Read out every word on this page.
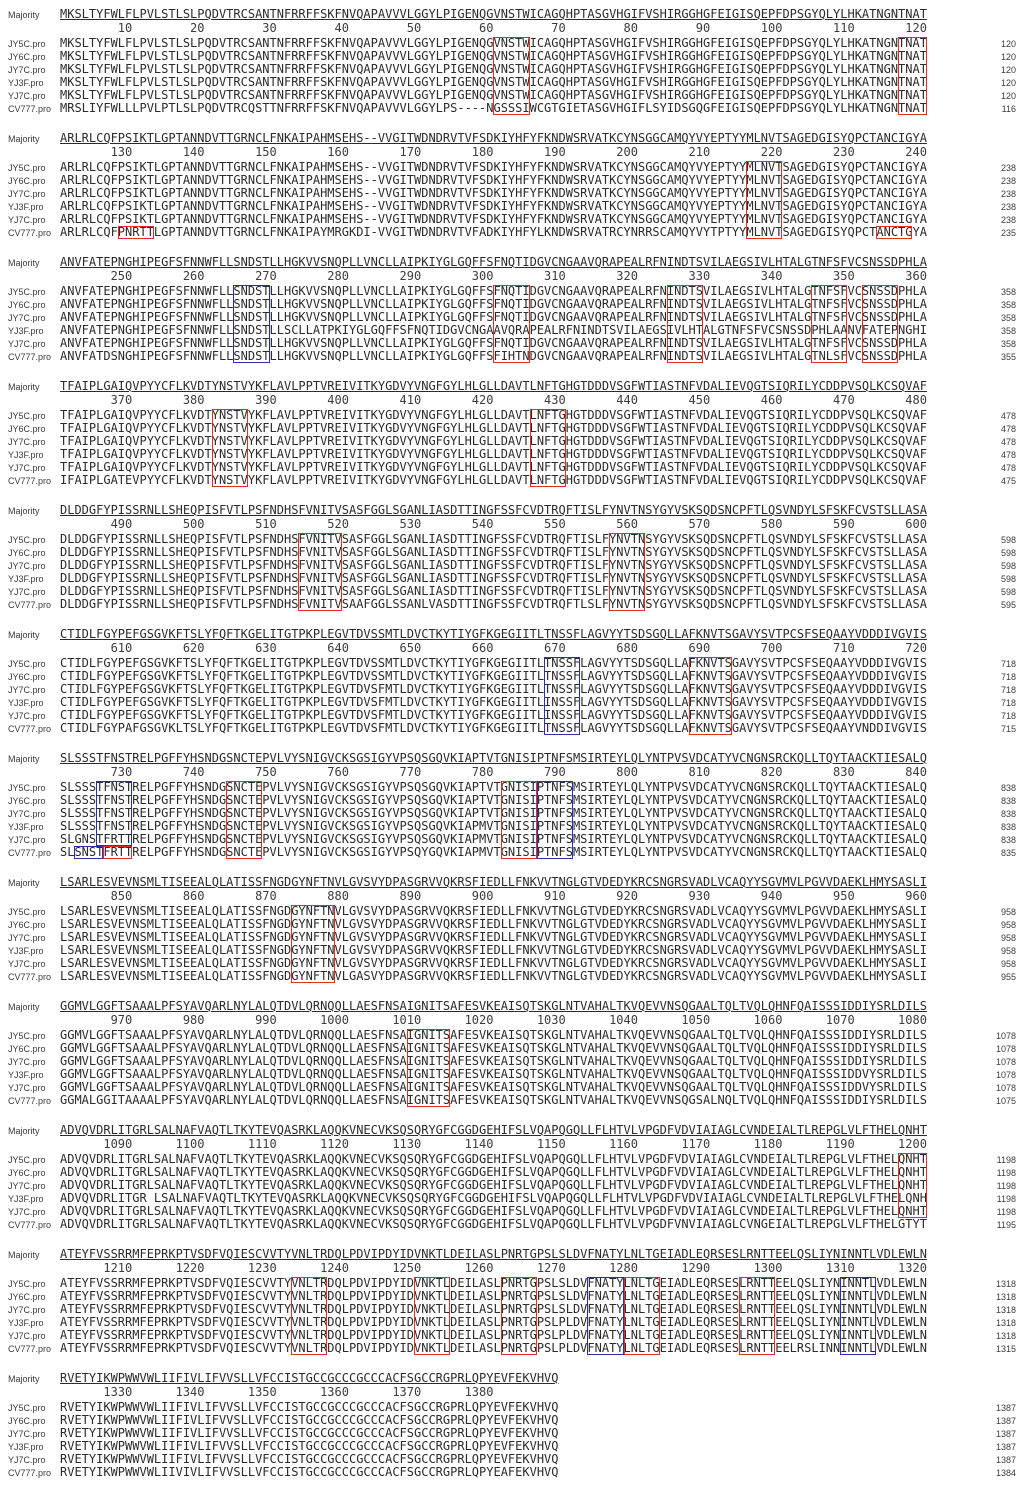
Majority	MKSLTYFWLFLPVLSTLSLPQDVTRCSANTNFRRFFSKFNVQAPAVVVLGGYLPIGENQGVNSTWICAGQHPTASGVHGIFVSHIRGGHGFEIGISQEPFDPSGYQLYLHKATNGNTNAT
10        20        30        40        50        60        70        80        90       100       110       120
JY5C.pro	MKSLTYFWLFLPVLSTLSLPQDVTRCSANTNFRRFFSKFNVQAPAVVVLGGYLPIGENQGVNSTWICAGQHPTASGVHGIFVSHIRGGHGFEIGISQEPFDPSGYQLYLHKATNGNTNAT	120
JY6C.pro	MKSLTYFWLFLPVLSTLSLPQDVTRCSANTNFRRFFSKFNVQAPAVVVLGGYLPIGENQGVNSTWICAGQHPTASGVHGIFVSHIRGGHGFEIGISQEPFDPSGYQLYLHKATNGNTNAT	120
JY7C.pro	MKSLTYFWLFLPVLSTLSLPQDVTRCSANTNFRRFFSKFNVQAPAVVVLGGYLPIGENQGVNSTWICAGQHPTASGVHGIFVSHIRGGHGFEIGISQEPFDPSGYQLYLHKATNGNTNAT	120
YJ3F.pro	MKSLTYFWLFLPVLSTLSLPQDVTRCSANTNFRRFFSKFNVQAPAVVVLGGYLPIGENQGVNSTWICAGQHPTASGVHGIFVSHIRGGHGFEIGISQEPFDPSGYQLYLHKATNGNTNAT	120
YJ7C.pro	MKSLTYFWLFLPVLSTLSLPQDVTRCSANTNFRRFFSKFNVQAPAVVVLGGYLPIGENQGVNSTWICAGQHPTASGVHGIFVSHIRGGHGFEIGISQEPFDPSGYQLYLHKATNGNTNAT	120
CV777.pro MRSLIYFWLLLPVLPTLSLPQDVTRCQSTTNFRRFFSKFNVQAPAVVVLGGYLPS----NGSSSIWCGTGIETASGVHGIFLSYIDSGQGFEIGISQEPFDPSGYQLYLHKATNGNTNAT	116
Majority	ARLRLCQFPSIKTLGPTANNDVTTGRNCLFNKAIPAHMSEHS--VVGITWDNDRVTVFSDKIYHFYFKNDWSRVATKCYNSGGCAMQYVYEPTYYMLNVTSAGEDGISYQPCTANCIGYA
130       140       150       160       170       180       190       200       210       220       230       240
JY5C.pro	ARLRLCQFPSIKTLGPTANNDVTTGRNCLFNKAIPAHMSEHS--VVGITWDNDRVTVFSDKIYHFYFKNDWSRVATKCYNSGGCAMQYVYEPTYYMLNVTSAGEDGISYQPCTANCIGYA	238
JY6C.pro	ARLRLCQFPSIKTLGPTANNDVTTGRNCLFNKAIPAHMSEHS--VVGITWDNDRVTVFSDKIYHFYFKNDWSRVATKCYNSGGCAMQYVYEPTYYMLNVTSAGEDGISYQPCTANCIGYA	238
JY7C.pro	ARLRLCQFPSIKTLGPTANNDVTTGRNCLFNKAIPAHMSEHS--VVGITWDNDRVTVFSDKIYHFYFKNDWSRVATKCYNSGGCAMQYVYEPTYYMLNVTSAGEDGISYQPCTANCIGYA	238
YJ3F.pro	ARLRLCQFPSIKTLGPTANNDVTTGRNCLFNKAIPAHMSEHS--VVGITWDNDRVTVFSDKIYHFYFKNDWSRVATKCYNSGGCAMQYVYEPTYYMLNVTSAGEDGISYQPCTANCIGYA	238
YJ7C.pro	ARLRLCQFPSIKTLGPTANNDVTTGRNCLFNKAIPAHMSEHS--VVGITWDNDRVTVFSDKIYHFYFKNDWSRVATKCYNSGGCAMQYVYEPTYYMLNVTSAGEDGISYQPCTANCIGYA	238
CV777.pro ARLRLCQFPNRTTLGPTANNDVTTGRNCLFNKAIPAYMRGKDI-VVGITWDNDRVTVFADKIYHFYLKNDWSRVATRCYNRRSCAMQYVYTPTYYMLNVTSAGEDGISYQPCTANCTGYA	235
Majority	ANVFATEPNGHIPEGFSFNNWFLLSNDSTLLHGKVVSNQPLLVNCLLAIPKIYGLGQFFSFNQTIDGVCNGAAVQRAPEALRFNINDTSVILAEGSIVLHTALGTNFSFVCSNSSDPHLA
250       260       270       280       290       300       310       320       330       340       350       360
JY5C.pro	ANVFATEPNGHIPEGFSFNNWFLLSNDSTLLHGKVVSNQPLLVNCLLAIPKIYGLGQFFSFNQTIDGVCNGAAVQRAPEALRFNINDTSVILAEGSIVLHTALGTNFSFVCSNSSDPHLA	358
JY6C.pro	ANVFATEPNGHIPEGFSFNNWFLLSNDSTLLHGKVVSNQPLLVNCLLAIPKIYGLGQFFSFNQTIDGVCNGAAVQRAPEALRFNINDTSVILAEGSIVLHTALGTNFSFVCSNSSDPHLA	358
JY7C.pro	ANVFATEPNGHIPEGFSFNNWFLLSNDSTLLHGKVVSNQPLLVNCLLAIPKIYGLGQFFSFNQTIDGVCNGAAVQRAPEALRFNINDTSVILAEGSIVLHTALGTNFSFVCSNSSDPHLA	358
YJ3F.pro	ANVFATEPNGHIPEGFSFNNWFLLSNDSTLLSCLLATPKIYGLGQFFSFNQTIDGVCNGAAVQRAPEALRFNINDTSVILAEGSIVLHTALGTNFSFVCSNSSDPHLAANVFATEPNGHI	358
YJ7C.pro	ANVFATEPNGHIPEGFSFNNWFLLSNDSTLLHGKVVSNQPLLVNCLLAIPKIYGLGQFFSFNQTIDGVCNGAAVQRAPEALRFNINDTSVILAEGSIVLHTALGTNFSFVCSNSSDPHLA	358
CV777.pro ANVFATDSNGHIPEGFSFNNWFLLSNDSTLLHGKVVSNQPLLVNCLLAIPKIYGLGQFFSFIHTNDGVCNGAAVQRAPEALRFNINDTSVILAEGSIVLHTALGTNLSFVCSNSSDPHLA	355
Majority	TFAIPLGAIQVPYYCFLKVDTYNSTVYKFLAVLPPTVREIVITKYGDVYVNGFGYLHLGLLDAVTLNFTGHGTDDDVSGFWTIASTNFVDALIEVQGTSIQRILYCDDPVSQLKCSQVAF
370       380       390       400       410       420       430       440       450       460       470       480
JY5C.pro	TFAIPLGAIQVPYYCFLKVDTYNSTVYKFLAVLPPTVREIVITKYGDVYVNGFGYLHLGLLDAVTLNFTGHGTDDDVSGFWTIASTNFVDALIEVQGTSIQRILYCDDPVSQLKCSQVAF	478
JY6C.pro	TFAIPLGAIQVPYYCFLKVDTYNSTVYKFLAVLPPTVREIVITKYGDVYVNGFGYLHLGLLDAVTLNFTGHGTDDDVSGFWTIASTNFVDALIEVQGTSIQRILYCDDPVSQLKCSQVAF	478
JY7C.pro	TFAIPLGAIQVPYYCFLKVDTYNSTVYKFLAVLPPTVREIVITKYGDVYVNGFGYLHLGLLDAVTLNFTGHGTDDDVSGFWTIASTNFVDALIEVQGTSIQRILYCDDPVSQLKCSQVAF	478
YJ3F.pro	TFAIPLGAIQVPYYCFLKVDTYNSTVYKFLAVLPPTVREIVITKYGDVYVNGFGYLHLGLLDAVTLNFTGHGTDDDVSGFWTIASTNFVDALIEVQGTSIQRILYCDDPVSQLKCSQVAF	478
YJ7C.pro	TFAIPLGAIQVPYYCFLKVDTYNSTVYKFLAVLPPTVREIVITKYGDVYVNGFGYLHLGLLDAVTLNFTGHGTDDDVSGFWTIASTNFVDALIEVQGTSIQRILYCDDPVSQLKCSQVAF	478
CV777.pro IFAIPLGATEVPYYCFLKVDTYNSTVYKFLAVLPPTVREIVITKYGDVYVNGFGYLHLGLLDAVTLNFTGHGTDDDVSGFWTIASTNFVDALIEVQGTSIQRILYCDDPVSQLKCSQVAF	475
Majority	DLDDGFYPISSRNLLSHEQPISFVTLPSFNDHSFVNITVSASFGGLSGANLIASDTTINGFSSFCVDTRQFTISLFYNVTNSYGYVSKSQDSNCPFTLQSVNDYLSFSKFCVSTSLLASA
490       500       510       520       530       540       550       560       570       580       590       600
JY5C.pro	DLDDGFYPISSRNLLSHEQPISFVTLPSFNDHSFVNITVSASFGGLSGANLIASDTTINGFSSFCVDTRQFTISLFYNVTNSYGYVSKSQDSNCPFTLQSVNDYLSFSKFCVSTSLLASA	598
JY6C.pro	DLDDGFYPISSRNLLSHEQPISFVTLPSFNDHSFVNITVSASFGGLSGANLIASDTTINGFSSFCVDTRQFTISLFYNVTNSYGYVSKSQDSNCPFTLQSVNDYLSFSKFCVSTSLLASA	598
JY7C.pro	DLDDGFYPISSRNLLSHEQPISFVTLPSFNDHSFVNITVSASFGGLSGANLIASDTTINGFSSFCVDTRQFTISLFYNVTNSYGYVSKSQDSNCPFTLQSVNDYLSFSKFCVSTSLLASA	598
YJ3F.pro	DLDDGFYPISSRNLLSHEQPISFVTLPSFNDHSFVNITVSASFGGLSGANLIASDTTINGFSSFCVDTRQFTISLFYNVTNSYGYVSKSQDSNCPFTLQSVNDYLSFSKFCVSTSLLASA	598
YJ7C.pro	DLDDGFYPISSRNLLSHEQPISFVTLPSFNDHSFVNITVSASFGGLSGANLIASDTTINGFSSFCVDTRQFTISLFYNVTNSYGYVSKSQDSNCPFTLQSVNDYLSFSKFCVSTSLLASA	598
CV777.pro DLDDGFYPISSRNLLSHEQPISFVTLPSFNDHSFVNITVSAAFGGLSSANLVASDTTINGFSSFCVDTRQFTLSLFYNVTNSYGYVSKSQDSNCPFTLQSVNDYLSFSKFCVSTSLLASA	595
Majority	CTIDLFGYPEFGSGVKFTSLYFQFTKGELITGTPKPLEGVTDVSSMTLDVCTKYTIYGFKGEGIITLTNSSFLAGVYYTSDSGQLLAFKNVTSGAVYSVTPCSFSEQAAYVDDDIVGVIS
610       620       630       640       650       660       670       680       690       700       710       720
JY5C.pro	CTIDLFGYPEFGSGVKFTSLYFQFTKGELITGTPKPLEGVTDVSSMTLDVCTKYTIYGFKGEGIITLTNSSFLAGVYYTSDSGQLLAFKNVTSGAVYSVTPCSFSEQAAYVDDDIVGVIS	718
JY6C.pro	CTIDLFGYPEFGSGVKFTSLYFQFTKGELITGTPKPLEGVTDVSSMTLDVCTKYTIYGFKGEGIITLTNSSFLAGVYYTSDSGQLLAFKNVTSGAVYSVTPCSFSEQAAYVDDDIVGVIS	718
JY7C.pro	CTIDLFGYPEFGSGVKFTSLYFQFTKGELITGTPKPLEGVTDVSFMTLDVCTKYTIYGFKGEGIITLTNSSFLAGVYYTSDSGQLLAFKNVTSGAVYSVTPCSFSEQAAYVDDDIVGVIS	718
YJ3F.pro	CTIDLFGYPEFGSGVKFTSLYFQFTKGELITGTPKPLEGVTDVSFMTLDVCTKYTIYGFKGEGIITLINSSFLAGVYYTSDSGQLLAFKNVTSGAVYSVTPCSFSEQAAYVDDDIVGVIS	718
YJ7C.pro	CTIDLFGYPEFGSGVKFTSLYFQFTKGELITGTPKPLEGVTDVSFMTLDVCTKYTIYGFKGEGIITLINSSFLAGVYYTSDSGQLLAFKNVTSGAVYSVTPCSFSEQAAYVDDDIVGVIS	718
CV777.pro CTIDLFGYPAFGSGVKLTSLYFQFTKGELITGTPKPLEGVTDVSFMTLDVCTKYTIYGFKGEGIITLTNSSFLAGVYYTSDSGQLLAFKNVTSGAVYSVTPCSFSEQAAYVNDDIVGVIS	715
Majority	SLSSSTFNSTRELPGFFYHSNDGSNCTEPVLVYSNIGVCKSGSIGYVPSQSGQVKIAPTVTGNISIPTNFSMSIRTEYLQLYNTPVSVDCATYVCNGNSRCKQLLTQYTAACKTIESALQ
730       740       750       760       770       780       790       800       810       820       830       840
JY5C.pro	SLSSSTFNSTRELPGFFYHSNDGSNCTEPVLVYSNIGVCKSGSIGYVPSQSGQVKIAPTVTGNISIPTNFSMSIRTEYLQLYNTPVSVDCATYVCNGNSRCKQLLTQYTAACKTIESALQ	838
JY6C.pro	SLSSSTFNSTRELPGFFYHSNDGSNCTEPVLVYSNIGVCKSGSIGYVPSQSGQVKIAPTVTGNISIPTNFSMSIRTEYLQLYNTPVSVDCATYVCNGNSRCKQLLTQYTAACKTIESALQ	838
JY7C.pro	SLSSSTFNSTRELPGFFYHSNDGSNCTEPVLVYSNIGVCKSGSIGYVPSQSGQVKIAPTVTGNISIPTNFSMSIRTEYLQLYNTPVSVDCATYVCNGNSRCKQLLTQYTAACKTIESALQ	838
YJ3F.pro	SLSSSTFNSTRELPGFFYHSNDGSNCTEPVLVYSNIGVCKSGSIGYVPSQSGQVKIAPMVTGNISIPTNFSMSIRTEYLQLYNTPVSVDCATYVCNGNSRCKQLLTQYTAACKTIESALQ	838
YJ7C.pro	SLGNSTFRTTRELPGFFYHSNDGSNCTEPVLVYSNIGVCKSGSIGYVPSQSGQVKIAPMVTGNISIPTNFSMSIRTEYLQLYNTPVSVDCATYVCNGNSRCKQLLTQYTAACKTIESALQ	838
CV777.pro SLSNSTFRTTRELPGFFYHSNDGSNCTEPVLVYSNIGVCKSGSIGYVPSQYGQVKIAPMVTGNISIPTNFSMSIRTEYLQLYNTPVSVDCATYVCNGNSRCKQLLTQYTAACKTIESALQ	835
Majority	LSARLESVEVNSMLTISEEALQLATISSFNGDGYNFTNVLGVSVYDPASGRVVQKRSFIEDLLFNKVVTNGLGTVDEDYKRCSNGRSVADLVCAQYYSGVMVLPGVVDAEKLHMYSASLI
850       860       870       880       890       900       910       920       930       940       950       960
JY5C.pro	LSARLESVEVNSMLTISEEALQLATISSFNGDGYNFTNVLGVSVYDPASGRVVQKRSFIEDLLFNKVVTNGLGTVDEDYKRCSNGRSVADLVCAQYYSGVMVLPGVVDAEKLHMYSASLI	958
JY6C.pro	LSARLESVEVNSMLTISEEALQLATISSFNGDGYNFTNVLGVSVYDPASGRVVQKRSFIEDLLFNKVVTNGLGTVDEDYKRCSNGRSVADLVCAQYYSGVMVLPGVVDAEKLHMYSASLI	958
JY7C.pro	LSARLESVEVNSMLTISEEALQLATISSFNGDGYNFTNVLGVSVYDPASGRVVQKRSFIEDLLFNKVVTNGLGTVDEDYKRCSNGRSVADLVCAQYYSGVMVLPGVVDAEKLHMYSASLI	958
YJ3F.pro	LSARLESVEVNSMLTISEEALQLATISSFNGDGYNFTNVLGVSVYDPASGRVVQKRSFIEDLLFNKVVTNGLGTVDEDYKRCSNGRSVADLVCAQYYSGVMVLPGVVDAEKLHMYSASLI	958
YJ7C.pro	LSARLESVEVNSMLTISEEALQLATISSFNGDGYNFTNVLGVSVYDPASGRVVQKRSFIEDLLFNKVVTNGLGTVDEDYKRCSNGRSVADLVCAQYYSGVMVLPGVVDAEKLHMYSASLI	958
CV777.pro LSARLESVEVNSMLTISEEALQLATISSFNGDGYNFTNVLGASVYDPASGRVVQKRSFIEDLLFNKVVTNGLGTVDEDYKRCSNGRSVADLVCAQYYSGVMVLPGVVDAEKLHMYSASLI	955
Majority	GGMVLGGFTSAAALPFSYAVQARLNYLALQTDVLQRNQQLLAESFNSAIGNITSAFESVKEAISQTSKGLNTVAHALTKVQEVVNSQGAALTQLTVQLQHNFQAISSSIDDIYSRLDILS
970       980       990      1000      1010      1020      1030      1040      1050      1060      1070      1080
JY5C.pro	GGMVLGGFTSAAALPFSYAVQARLNYLALQTDVLQRNQQLLAESFNSAIGNITSAFESVKEAISQTSKGLNTVAHALTKVQEVVNSQGAALTQLTVQLQHNFQAISSSIDDIYSRLDILS	1078
JY6C.pro	GGMVLGGFTSAAALPFSYAVQARLNYLALQTDVLQRNQQLLAESFNSAIGNITSAFESVKEAISQTSKGLNTVAHALTKVQEVVNSQGAALTQLTVQLQHNFQAISSSIDDIYSRLDILS	1078
JY7C.pro	GGMVLGGFTSAAALPFSYAVQARLNYLALQTDVLQRNQQLLAESFNSAIGNITSAFESVKEAISQTSKGLNTVAHALTKVQEVVNSQGAALTQLTVQLQHNFQAISSSIDDIYSRLDILS	1078
YJ3F.pro	GGMVLGGFTSAAALPFSYAVQARLNYLALQTDVLQRNQQLLAESFNSAIGNITSAFESVKEAISQTSKGLNTVAHALTKVQEVVNSQGAALTQLTVQLQHNFQAISSSIDDVYSRLDILS	1078
YJ7C.pro	GGMVLGGFTSAAALPFSYAVQARLNYLALQTDVLQRNQQLLAESFNSAIGNITSAFESVKEAISQTSKGLNTVAHALTKVQEVVNSQGAALTQLTVQLQHNFQAISSSIDDVYSRLDILS	1078
CV777.pro GGMALGGITAAAALPFSYAVQARLNYLALQTDVLQRNQQLLAESFNSAIGNITSAFESVKEAISQTSKGLNTVAHALTKVQEVVNSQGSALNQLTVQLQHNFQAISSSIDDIYSRLDILS	1075
Majority	ADVQVDRLITGRLSALNAFVAQTLTKYTEVQASRKLAQQKVNECVKSQSQRYGFCGGDGEHIFSLVQAPQGQLLFLHTVLVPGDFVDVIAIAGLCVNDEIALTLREPGLVLFTHELQNHT
1090      1100      1110      1120      1130      1140      1150      1160      1170      1180      1190      1200
JY5C.pro	ADVQVDRLITGRLSALNAFVAQTLTKYTEVQASRKLAQQKVNECVKSQSQRYGFCGGDGEHIFSLVQAPQGQLLFLHTVLVPGDFVDVIAIAGLCVNDEIALTLREPGLVLFTHELQNHT	1198
JY6C.pro	ADVQVDRLITGRLSALNAFVAQTLTKYTEVQASRKLAQQKVNECVKSQSQRYGFCGGDGEHIFSLVQAPQGQLLFLHTVLVPGDFVDVIAIAGLCVNDEIALTLREPGLVLFTHELQNHT	1198
JY7C.pro	ADVQVDRLITGRLSALNAFVAQTLTKYTEVQASRKLAQQKVNECVKSQSQRYGFCGGDGEHIFSLVQAPQGQLLFLHTVLVPGDFVDVIAIAGLCVNDEIALTLREPGLVLFTHELQNHT	1198
YJ3F.pro	ADVQVDRLITGR LSALNAFVAQTLTKYTEVQASRKLAQQKVNECVKSQSQRYGFCGGDGEHIFSLVQAPQGQLLFLHTVLVPGDFVDVIAIAGLCVNDEIALTLREPGLVLFTHELQNH	1198
YJ7C.pro	ADVQVDRLITGRLSALNAFVAQTLTKYTEVQASRKLAQQKVNECVKSQSQRYGFCGGDGEHIFSLVQAPQGQLLFLHTVLVPGDFVDVIAIAGLCVNDEIALTLREPGLVLFTHELQNHT	1198
CV777.pro ADVQVDRLITGRLSALNAFVAQTLTKYTEVQASRKLAQQKVNECVKSQSQRYGFCGGDGEHIFSLVQAPQGQLLFLHTVLVPGDFVNVIAIAGLCVNGEIALTLREPGLVLFTHELGTYT	1195
Majority	ATEYFVSSRRMFEPRKPTVSDFVQIESCVVTYVNLTRDQLPDVIPDYIDVNKTLDEILASLPNRTGPSLSLDVFNATYLNLTGEIADLEQRSESLRNTTEELQSLIYNINNTLVDLEWLN
1210      1220      1230      1240      1250      1260      1270      1280      1290      1300      1310      1320
JY5C.pro	ATEYFVSSRRMFEPRKPTVSDFVQIESCVVTYVNLTRDQLPDVIPDYIDVNKTLDEILASLPNRTGPSLSLDVFNATYLNLTGEIADLEQRSESLRNTTEELQSLIYNINNTLVDLEWLN	1318
JY6C.pro	ATEYFVSSRRMFEPRKPTVSDFVQIESCVVTYVNLTRDQLPDVIPDYIDVNKTLDEILASLPNRTGPSLSLDVFNATYLNLTGEIADLEQRSESLRNTTEELQSLIYNINNTLVDLEWLN	1318
JY7C.pro	ATEYFVSSRRMFEPRKPTVSDFVQIESCVVTYVNLTRDQLPDVIPDYIDVNKTLDEILASLPNRTGPSLSLDVFNATYLNLTGEIADLEQRSESLRNTTEELQSLIYNINNTLVDLEWLN	1318
YJ3F.pro	ATEYFVSSRRMFEPRKPTVSDFVQIESCVVTYVNLTRDQLPDVIPDYIDVNKTLDEILASLPNRTGPSLPLDVFNATYLNLTGEIADLEQRSESLRNTTEELQSLIYNINNTLVDLEWLN	1318
YJ7C.pro	ATEYFVSSRRMFEPRKPTVSDFVQIESCVVTYVNLTRDQLPDVIPDYIDVNKTLDEILASLPNRTGPSLPLDVFNATYLNLTGEIADLEQRSESLRNTTEELQSLIYNINNTLVDLEWLN	1318
CV777.pro ATEYFVSSRRMFEPRKPTVSDFVQIESCVVTYVNLTRDQLPDVIPDYIDVNKTLDEILASLPNRTGPSLPLDVFNATYLNLTGEIADLEQRSESLRNTTEELRSLINNINNTLVDLEWLN	1315
Majority	RVETYIKWPWWVWLIIFIVLIFVVSLLVFCCISTGCCGCCCGCCCACFSGCCRGPRLQPYEVFEKVHVQ
1330      1340      1350      1360      1370      1380
JY5C.pro	RVETYIKWPWWVWLIIFIVLIFVVSLLVFCCISTGCCGCCCGCCCACFSGCCRGPRLQPYEVFEKVHVQ	1387
JY6C.pro	RVETYIKWPWWVWLIIFIVLIFVVSLLVFCCISTGCCGCCCGCCCACFSGCCRGPRLQPYEVFEKVHVQ	1387
JY7C.pro	RVETYIKWPWWVWLIIFIVLIFVVSLLVFCCISTGCCGCCCGCCCACFSGCCRGPRLQPYEVFEKVHVQ	1387
YJ3F.pro	RVETYIKWPWWVWLIIFIVLIFVVSLLVFCCISTGCCGCCCGCCCACFSGCCRGPRLQPYEVFEKVHVQ	1387
YJ7C.pro	RVETYIKWPWWVWLIIFIVLIFVVSLLVFCCISTGCCGCCCGCCCACFSGCCRGPRLQPYEVFEKVHVQ	1387
CV777.pro RVETYIKWPWWVWLIIVIVLIFVVSLLVFCCISTGCCGCCCGCCCACFSGCCRGPRLQPYEAFEKVHVQ	1384
